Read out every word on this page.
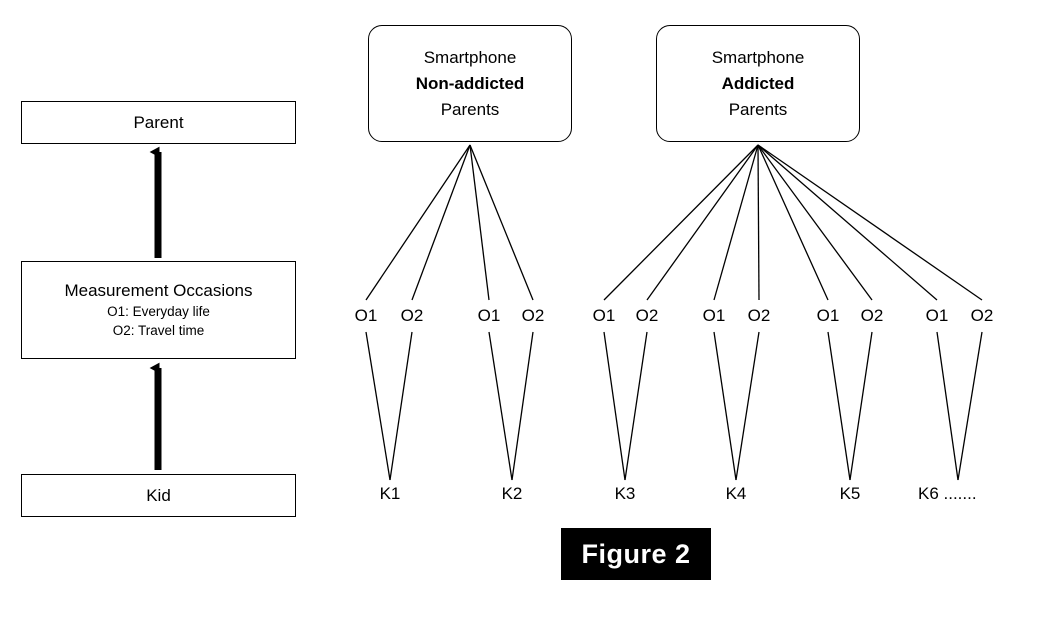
Parent
Measurement Occasions
O1: Everyday life
O2: Travel time
Kid
Smartphone
Non-addicted
Parents
Smartphone
Addicted
Parents
O1	O2	O1	O2	O1	O2	O1	O2	O1	O2	O1	O2
K1	K2	K3	K4	K5	K6 .......
Figure 2
